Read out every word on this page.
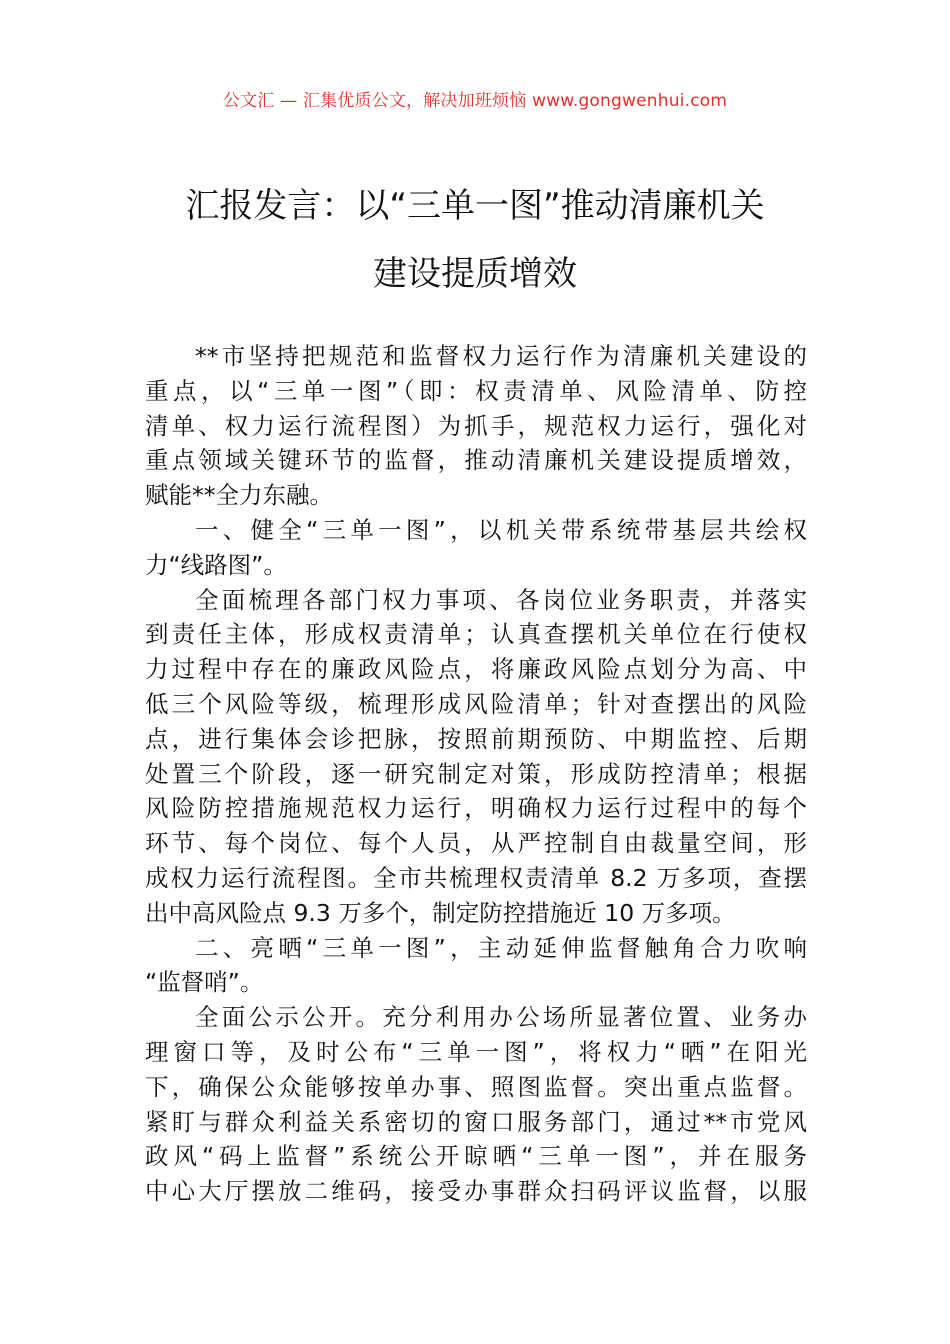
公文汇 — 汇集优质公文，解决加班烦恼 www.gongwenhui.com
汇报发言：以“三单一图”推动清廉机关
建设提质增效
**市坚持把规范和监督权力运行作为清廉机关建设的
重点，以“三单一图”（即：权责清单、风险清单、防控
清单、权力运行流程图）为抓手，规范权力运行，强化对
重点领域关键环节的监督，推动清廉机关建设提质增效，
赋能**全力东融。
一、健全“三单一图”，以机关带系统带基层共绘权
力“线路图”。
全面梳理各部门权力事项、各岗位业务职责，并落实
到责任主体，形成权责清单；认真查摆机关单位在行使权
力过程中存在的廉政风险点，将廉政风险点划分为高、中
低三个风险等级，梳理形成风险清单；针对查摆出的风险
点，进行集体会诊把脉，按照前期预防、中期监控、后期
处置三个阶段，逐一研究制定对策，形成防控清单；根据
风险防控措施规范权力运行，明确权力运行过程中的每个
环节、每个岗位、每个人员，从严控制自由裁量空间，形
成权力运行流程图。全市共梳理权责清单 8.2 万多项，查摆
出中高风险点 9.3 万多个，制定防控措施近 10 万多项。
二、亮晒“三单一图”，主动延伸监督触角合力吹响
“监督哨”。
全面公示公开。充分利用办公场所显著位置、业务办
理窗口等，及时公布“三单一图”，将权力“晒”在阳光
下，确保公众能够按单办事、照图监督。突出重点监督。
紧盯与群众利益关系密切的窗口服务部门，通过**市党风
政风“码上监督”系统公开晾晒“三单一图”，并在服务
中心大厅摆放二维码，接受办事群众扫码评议监督，以服
